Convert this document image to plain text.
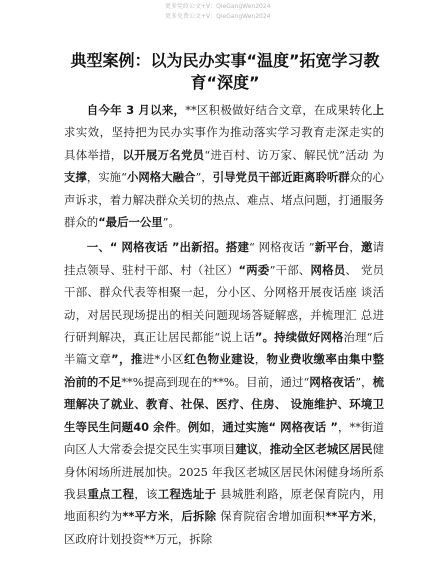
更多党政公文+V：QieGangWen2024
更多免费公文+V：QieGangWen2024
典型案例：以为民办实事“温度”拓宽学习教育“深度”

自今年 3 月以来，**区积极做好结合文章，在成果转化上求实效，坚持把为民办实事作为推动落实学习教育走深走实的 具体举措，以开展万名党员“进百村、访万家、解民忧”活动 为支撑，实施“小网格大融合”，引导党员干部近距离聆听群众的心声诉求，着力解决群众关切的热点、难点、堵点问题，打通服务群众的“最后一公里”。

一、“ 网格夜话 ”出新招。搭建“ 网格夜话 ”新平台，邀请挂点领导、驻村干部、村（社区）“两委”干部、网格员、 党员干部、群众代表等相聚一起，分小区、分网格开展夜话座 谈活动，对居民现场提出的相关问题现场答疑解惑，并梳理汇 总进行研判解决，真正让居民都能“说上话”。持续做好网格治理“后半篇文章”，推进*小区红色物业建设，物业费收缴率由集中整治前的不足**%提高到现在的**%。目前，通过“网格夜话”，梳理解决了就业、教育、社保、医疗、住房、 设施维护、环境卫生等民生问题40 余件。例如，通过实施“ 网格夜话 ”，**街道向区人大常委会提交民生实事项目建议，推动全区老城区居民健身休闲场所进展加快。2025 年我区老城区居民休闲健身场所系我县重点工程，该工程选址于 县城胜利路，原老保育院内，用地面积约为**平方米，后拆除 保育院宿舍增加面积**平方米， 区政府计划投资**万元，拆除
